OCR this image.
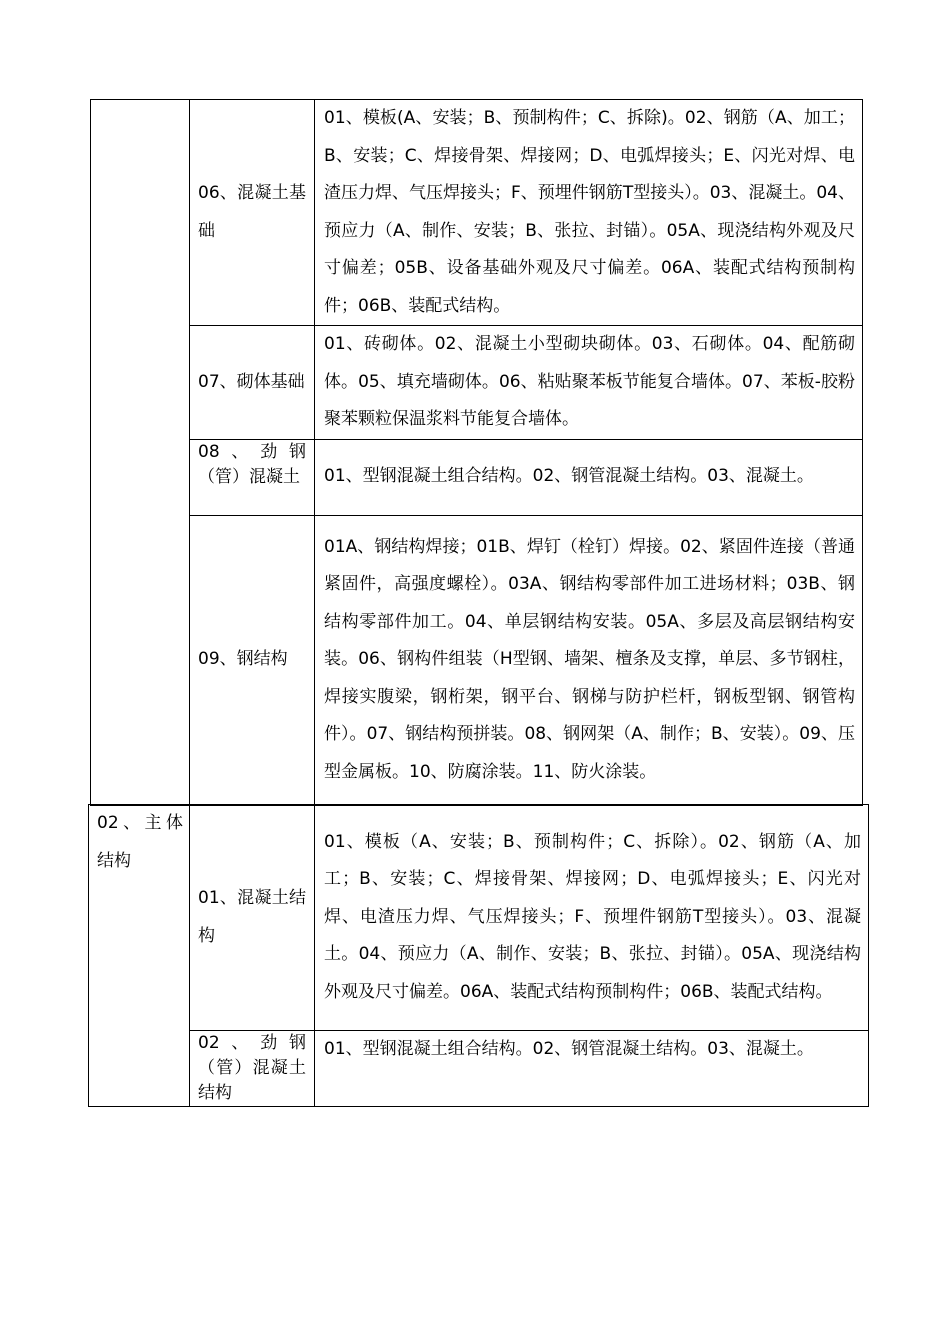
	06、混凝土基础	01、模板(A、安装；B、预制构件；C、拆除)。02、钢筋（A、加工；B、安装；C、焊接骨架、焊接网；D、电弧焊接头；E、闪光对焊、电渣压力焊、气压焊接头；F、预埋件钢筋T型接头）。03、混凝土。04、预应力（A、制作、安装；B、张拉、封锚）。05A、现浇结构外观及尺寸偏差；05B、设备基础外观及尺寸偏差。06A、装配式结构预制构件；06B、装配式结构。
	07、砌体基础	01、砖砌体。02、混凝土小型砌块砌体。03、石砌体。04、配筋砌体。05、填充墙砌体。06、粘贴聚苯板节能复合墙体。07、苯板-胶粉聚苯颗粒保温浆料节能复合墙体。
	08、劲钢（管）混凝土	01、型钢混凝土组合结构。02、钢管混凝土结构。03、混凝土。
	09、钢结构	01A、钢结构焊接；01B、焊钉（栓钉）焊接。02、紧固件连接（普通紧固件，高强度螺栓）。03A、钢结构零部件加工进场材料；03B、钢结构零部件加工。04、单层钢结构安装。05A、多层及高层钢结构安装。06、钢构件组装（H型钢、墙架、檀条及支撑，单层、多节钢柱，焊接实腹梁，钢桁架，钢平台、钢梯与防护栏杆，钢板型钢、钢管构件）。07、钢结构预拼装。08、钢网架（A、制作；B、安装）。09、压型金属板。10、防腐涂装。11、防火涂装。
02、主体结构	01、混凝土结构	01、模板（A、安装；B、预制构件；C、拆除）。02、钢筋（A、加工；B、安装；C、焊接骨架、焊接网；D、电弧焊接头；E、闪光对焊、电渣压力焊、气压焊接头；F、预埋件钢筋T型接头）。03、混凝土。04、预应力（A、制作、安装；B、张拉、封锚）。05A、现浇结构外观及尺寸偏差。06A、装配式结构预制构件；06B、装配式结构。
	02、劲钢（管）混凝土结构	01、型钢混凝土组合结构。02、钢管混凝土结构。03、混凝土。
